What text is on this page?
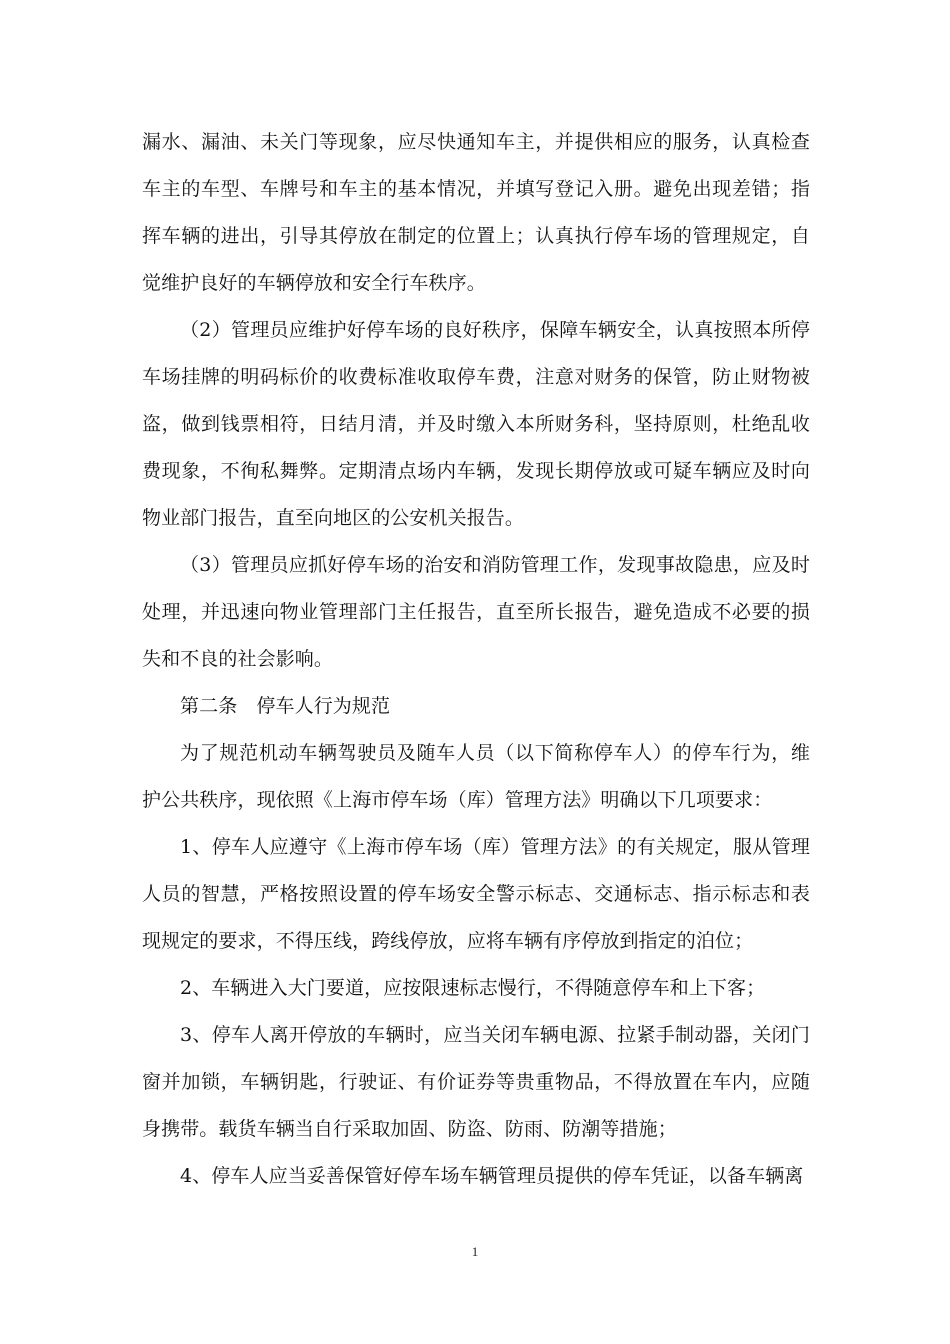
漏水、漏油、未关门等现象，应尽快通知车主，并提供相应的服务，认真检查车主的车型、车牌号和车主的基本情况，并填写登记入册。避免出现差错；指挥车辆的进出，引导其停放在制定的位置上；认真执行停车场的管理规定，自觉维护良好的车辆停放和安全行车秩序。

（2）管理员应维护好停车场的良好秩序，保障车辆安全，认真按照本所停车场挂牌的明码标价的收费标准收取停车费，注意对财务的保管，防止财物被盗，做到钱票相符，日结月清，并及时缴入本所财务科，坚持原则，杜绝乱收费现象，不徇私舞弊。定期清点场内车辆，发现长期停放或可疑车辆应及时向物业部门报告，直至向地区的公安机关报告。

（3）管理员应抓好停车场的治安和消防管理工作，发现事故隐患，应及时处理，并迅速向物业管理部门主任报告，直至所长报告，避免造成不必要的损失和不良的社会影响。

第二条　停车人行为规范

为了规范机动车辆驾驶员及随车人员（以下简称停车人）的停车行为，维护公共秩序，现依照《上海市停车场（库）管理方法》明确以下几项要求：

1、停车人应遵守《上海市停车场（库）管理方法》的有关规定，服从管理人员的智慧，严格按照设置的停车场安全警示标志、交通标志、指示标志和表现规定的要求，不得压线，跨线停放，应将车辆有序停放到指定的泊位；

2、车辆进入大门要道，应按限速标志慢行，不得随意停车和上下客；

3、停车人离开停放的车辆时，应当关闭车辆电源、拉紧手制动器，关闭门窗并加锁，车辆钥匙，行驶证、有价证券等贵重物品，不得放置在车内，应随身携带。载货车辆当自行采取加固、防盗、防雨、防潮等措施；

4、停车人应当妥善保管好停车场车辆管理员提供的停车凭证，以备车辆离

1
